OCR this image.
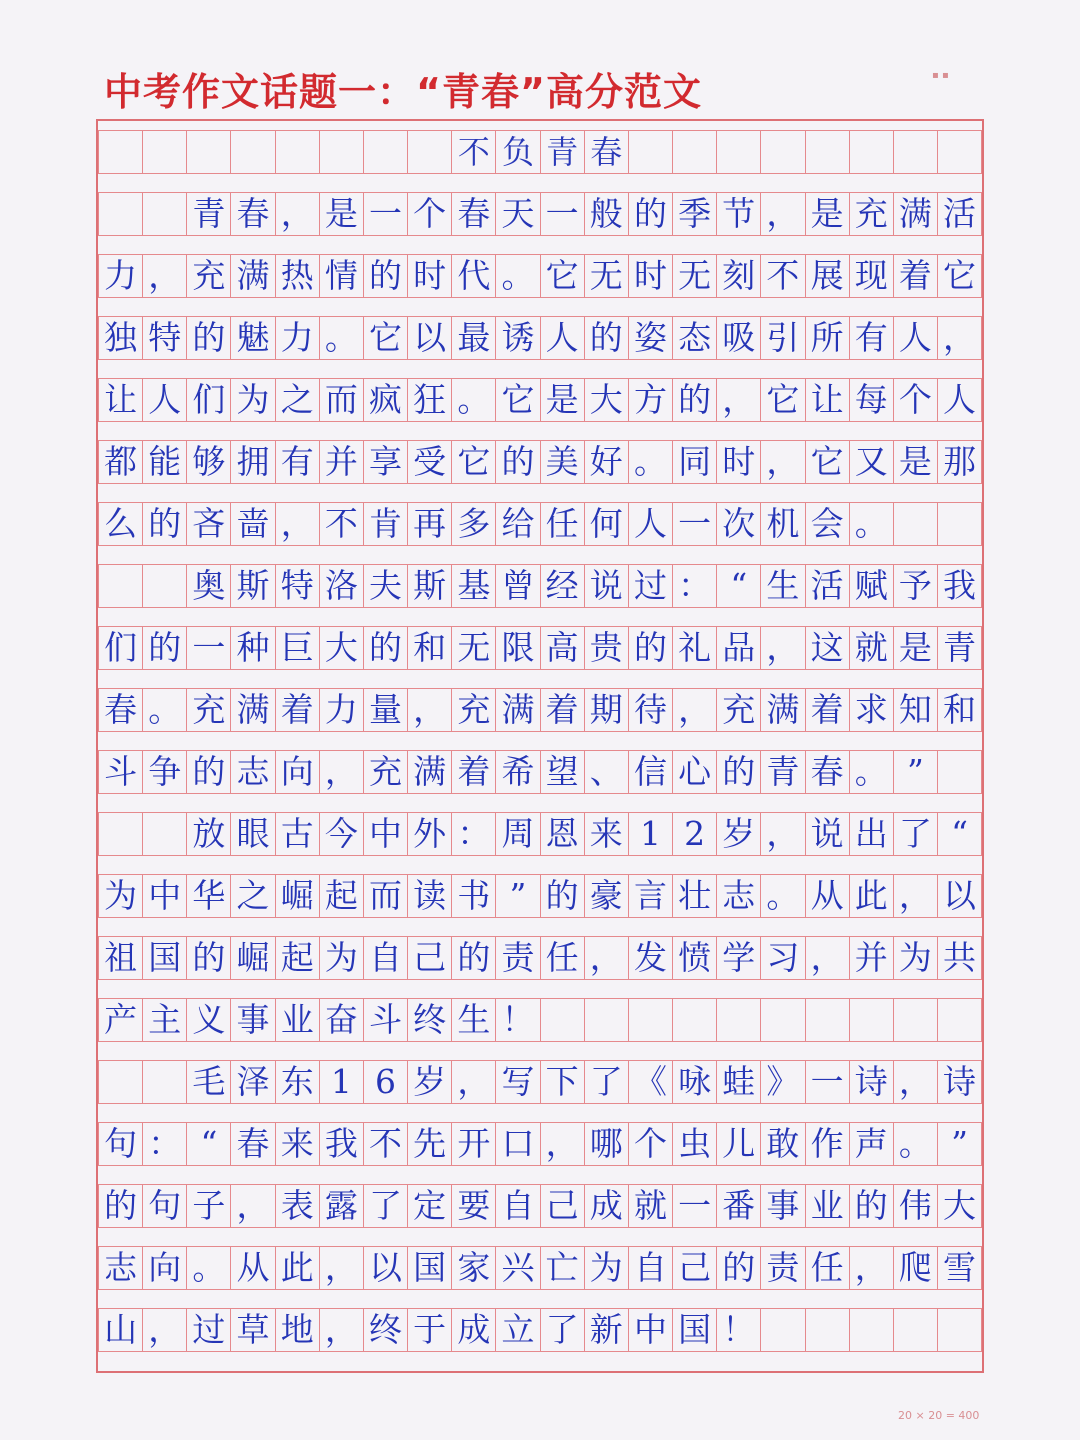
中考作文话题一：“青春”高分范文	▪ ▪
不 负 青 春
青 春 ， 是 一 个 春 天 一 般 的 季 节 ， 是 充 满 活
力 ， 充 满 热 情 的 时 代 。 它 无 时 无 刻 不 展 现 着 它
独 特 的 魅 力 。 它 以 最 诱 人 的 姿 态 吸 引 所 有 人 ，
让 人 们 为 之 而 疯 狂 。 它 是 大 方 的 ， 它 让 每 个 人
都 能 够 拥 有 并 享 受 它 的 美 好 。 同 时 ， 它 又 是 那
么 的 吝 啬 ， 不 肯 再 多 给 任 何 人 一 次 机 会 。
奥 斯 特 洛 夫 斯 基 曾 经 说 过 ： “ 生 活 赋 予 我
们 的 一 种 巨 大 的 和 无 限 高 贵 的 礼 品 ， 这 就 是 青
春 。 充 满 着 力 量 ， 充 满 着 期 待 ， 充 满 着 求 知 和
斗 争 的 志 向 ， 充 满 着 希 望 、 信 心 的 青 春 。 ”
放 眼 古 今 中 外 ： 周 恩 来 1 2 岁 ， 说 出 了 “
为 中 华 之 崛 起 而 读 书 ” 的 豪 言 壮 志 。 从 此 ， 以
祖 国 的 崛 起 为 自 己 的 责 任 ， 发 愤 学 习 ， 并 为 共
产 主 义 事 业 奋 斗 终 生 ！
毛 泽 东 1 6 岁 ， 写 下 了 《 咏 蛙 》 一 诗 ， 诗
句 ： “ 春 来 我 不 先 开 口 ， 哪 个 虫 儿 敢 作 声 。 ”
的 句 子 ， 表 露 了 定 要 自 己 成 就 一 番 事 业 的 伟 大
志 向 。 从 此 ， 以 国 家 兴 亡 为 自 己 的 责 任 ， 爬 雪
山 ， 过 草 地 ， 终 于 成 立 了 新 中 国 ！
20 × 20 = 400
